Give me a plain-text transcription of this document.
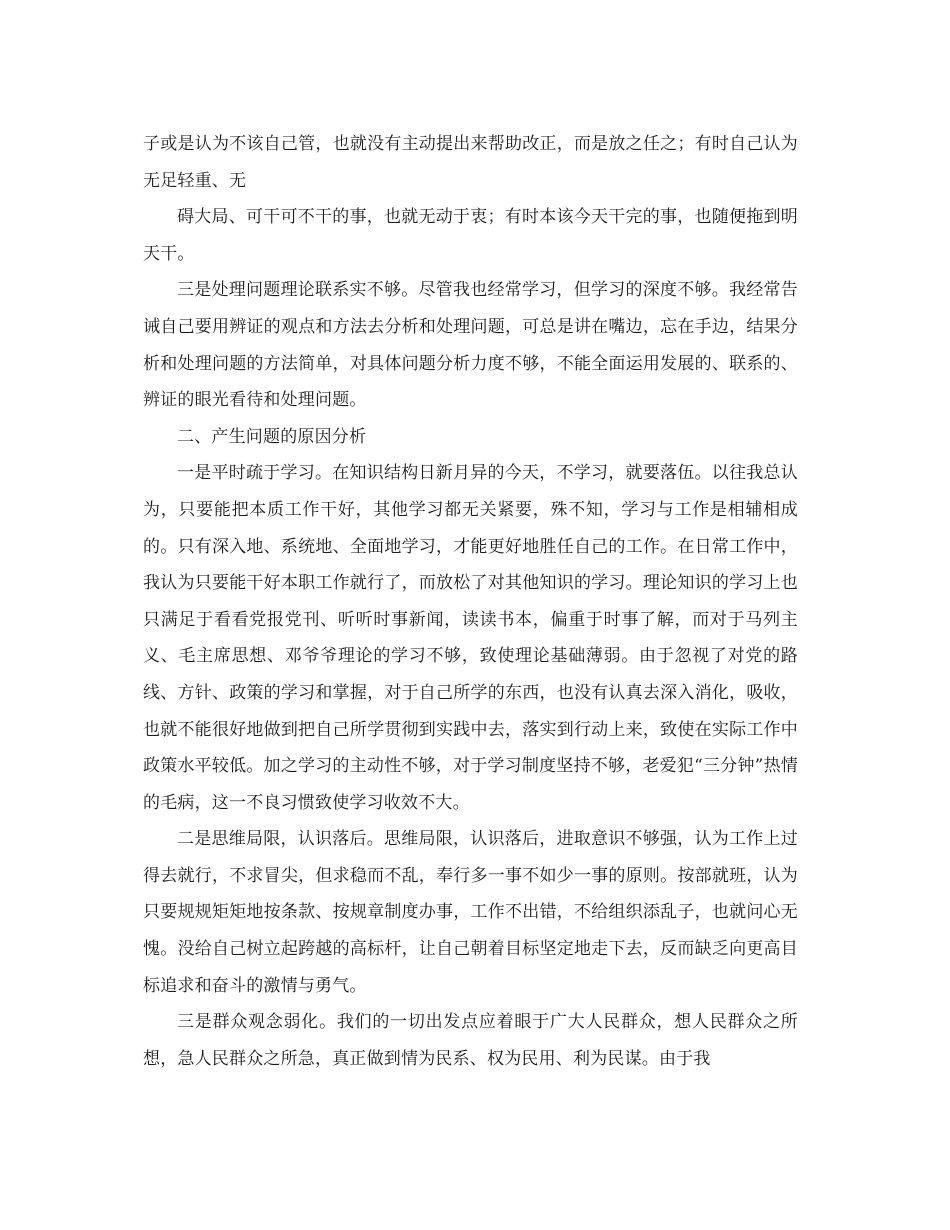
子或是认为不该自己管，也就没有主动提出来帮助改正，而是放之任之；有时自己认为无足轻重、无

碍大局、可干可不干的事，也就无动于衷；有时本该今天干完的事，也随便拖到明天干。

三是处理问题理论联系实不够。尽管我也经常学习，但学习的深度不够。我经常告诫自己要用辨证的观点和方法去分析和处理问题，可总是讲在嘴边，忘在手边，结果分析和处理问题的方法简单，对具体问题分析力度不够，不能全面运用发展的、联系的、辨证的眼光看待和处理问题。

二、产生问题的原因分析

一是平时疏于学习。在知识结构日新月异的今天，不学习，就要落伍。以往我总认为，只要能把本质工作干好，其他学习都无关紧要，殊不知，学习与工作是相辅相成的。只有深入地、系统地、全面地学习，才能更好地胜任自己的工作。在日常工作中，我认为只要能干好本职工作就行了，而放松了对其他知识的学习。理论知识的学习上也只满足于看看党报党刊、听听时事新闻，读读书本，偏重于时事了解，而对于马列主义、毛主席思想、邓爷爷理论的学习不够，致使理论基础薄弱。由于忽视了对党的路线、方针、政策的学习和掌握，对于自己所学的东西，也没有认真去深入消化，吸收，也就不能很好地做到把自己所学贯彻到实践中去，落实到行动上来，致使在实际工作中政策水平较低。加之学习的主动性不够，对于学习制度坚持不够，老爱犯“三分钟”热情的毛病，这一不良习惯致使学习收效不大。

二是思维局限，认识落后。思维局限，认识落后，进取意识不够强，认为工作上过得去就行，不求冒尖，但求稳而不乱，奉行多一事不如少一事的原则。按部就班，认为只要规规矩矩地按条款、按规章制度办事，工作不出错，不给组织添乱子，也就问心无愧。没给自己树立起跨越的高标杆，让自己朝着目标坚定地走下去，反而缺乏向更高目标追求和奋斗的激情与勇气。

三是群众观念弱化。我们的一切出发点应着眼于广大人民群众，想人民群众之所想，急人民群众之所急，真正做到情为民系、权为民用、利为民谋。由于我
